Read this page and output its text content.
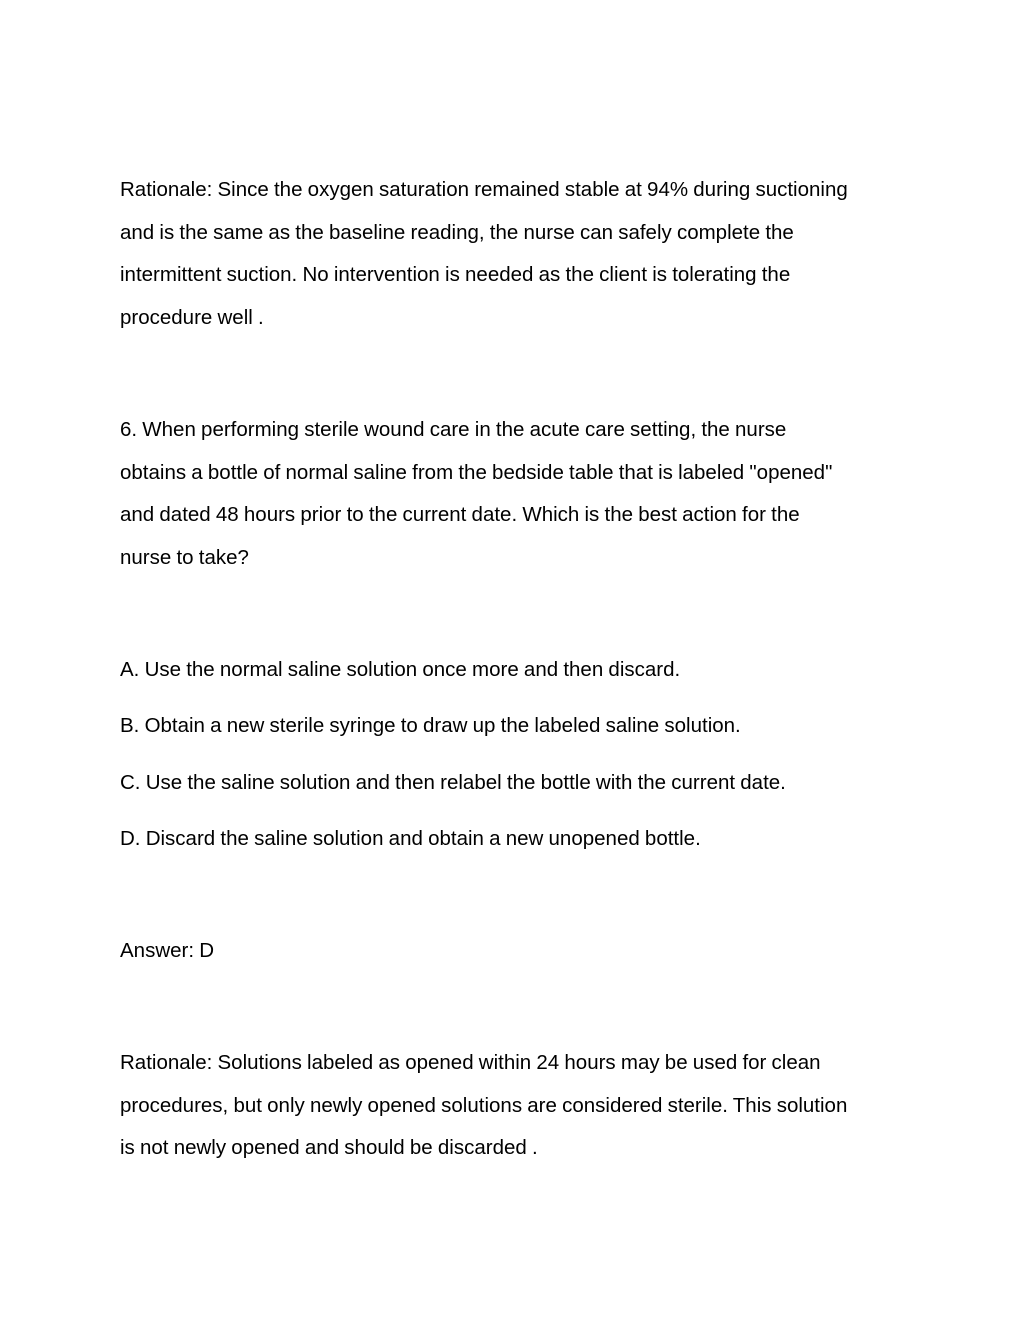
Rationale: Since the oxygen saturation remained stable at 94% during suctioning
and is the same as the baseline reading, the nurse can safely complete the
intermittent suction. No intervention is needed as the client is tolerating the
procedure well .

6. When performing sterile wound care in the acute care setting, the nurse
obtains a bottle of normal saline from the bedside table that is labeled "opened"
and dated 48 hours prior to the current date. Which is the best action for the
nurse to take?

A. Use the normal saline solution once more and then discard.

B. Obtain a new sterile syringe to draw up the labeled saline solution.

C. Use the saline solution and then relabel the bottle with the current date.

D. Discard the saline solution and obtain a new unopened bottle.

Answer: D

Rationale: Solutions labeled as opened within 24 hours may be used for clean
procedures, but only newly opened solutions are considered sterile. This solution
is not newly opened and should be discarded .
